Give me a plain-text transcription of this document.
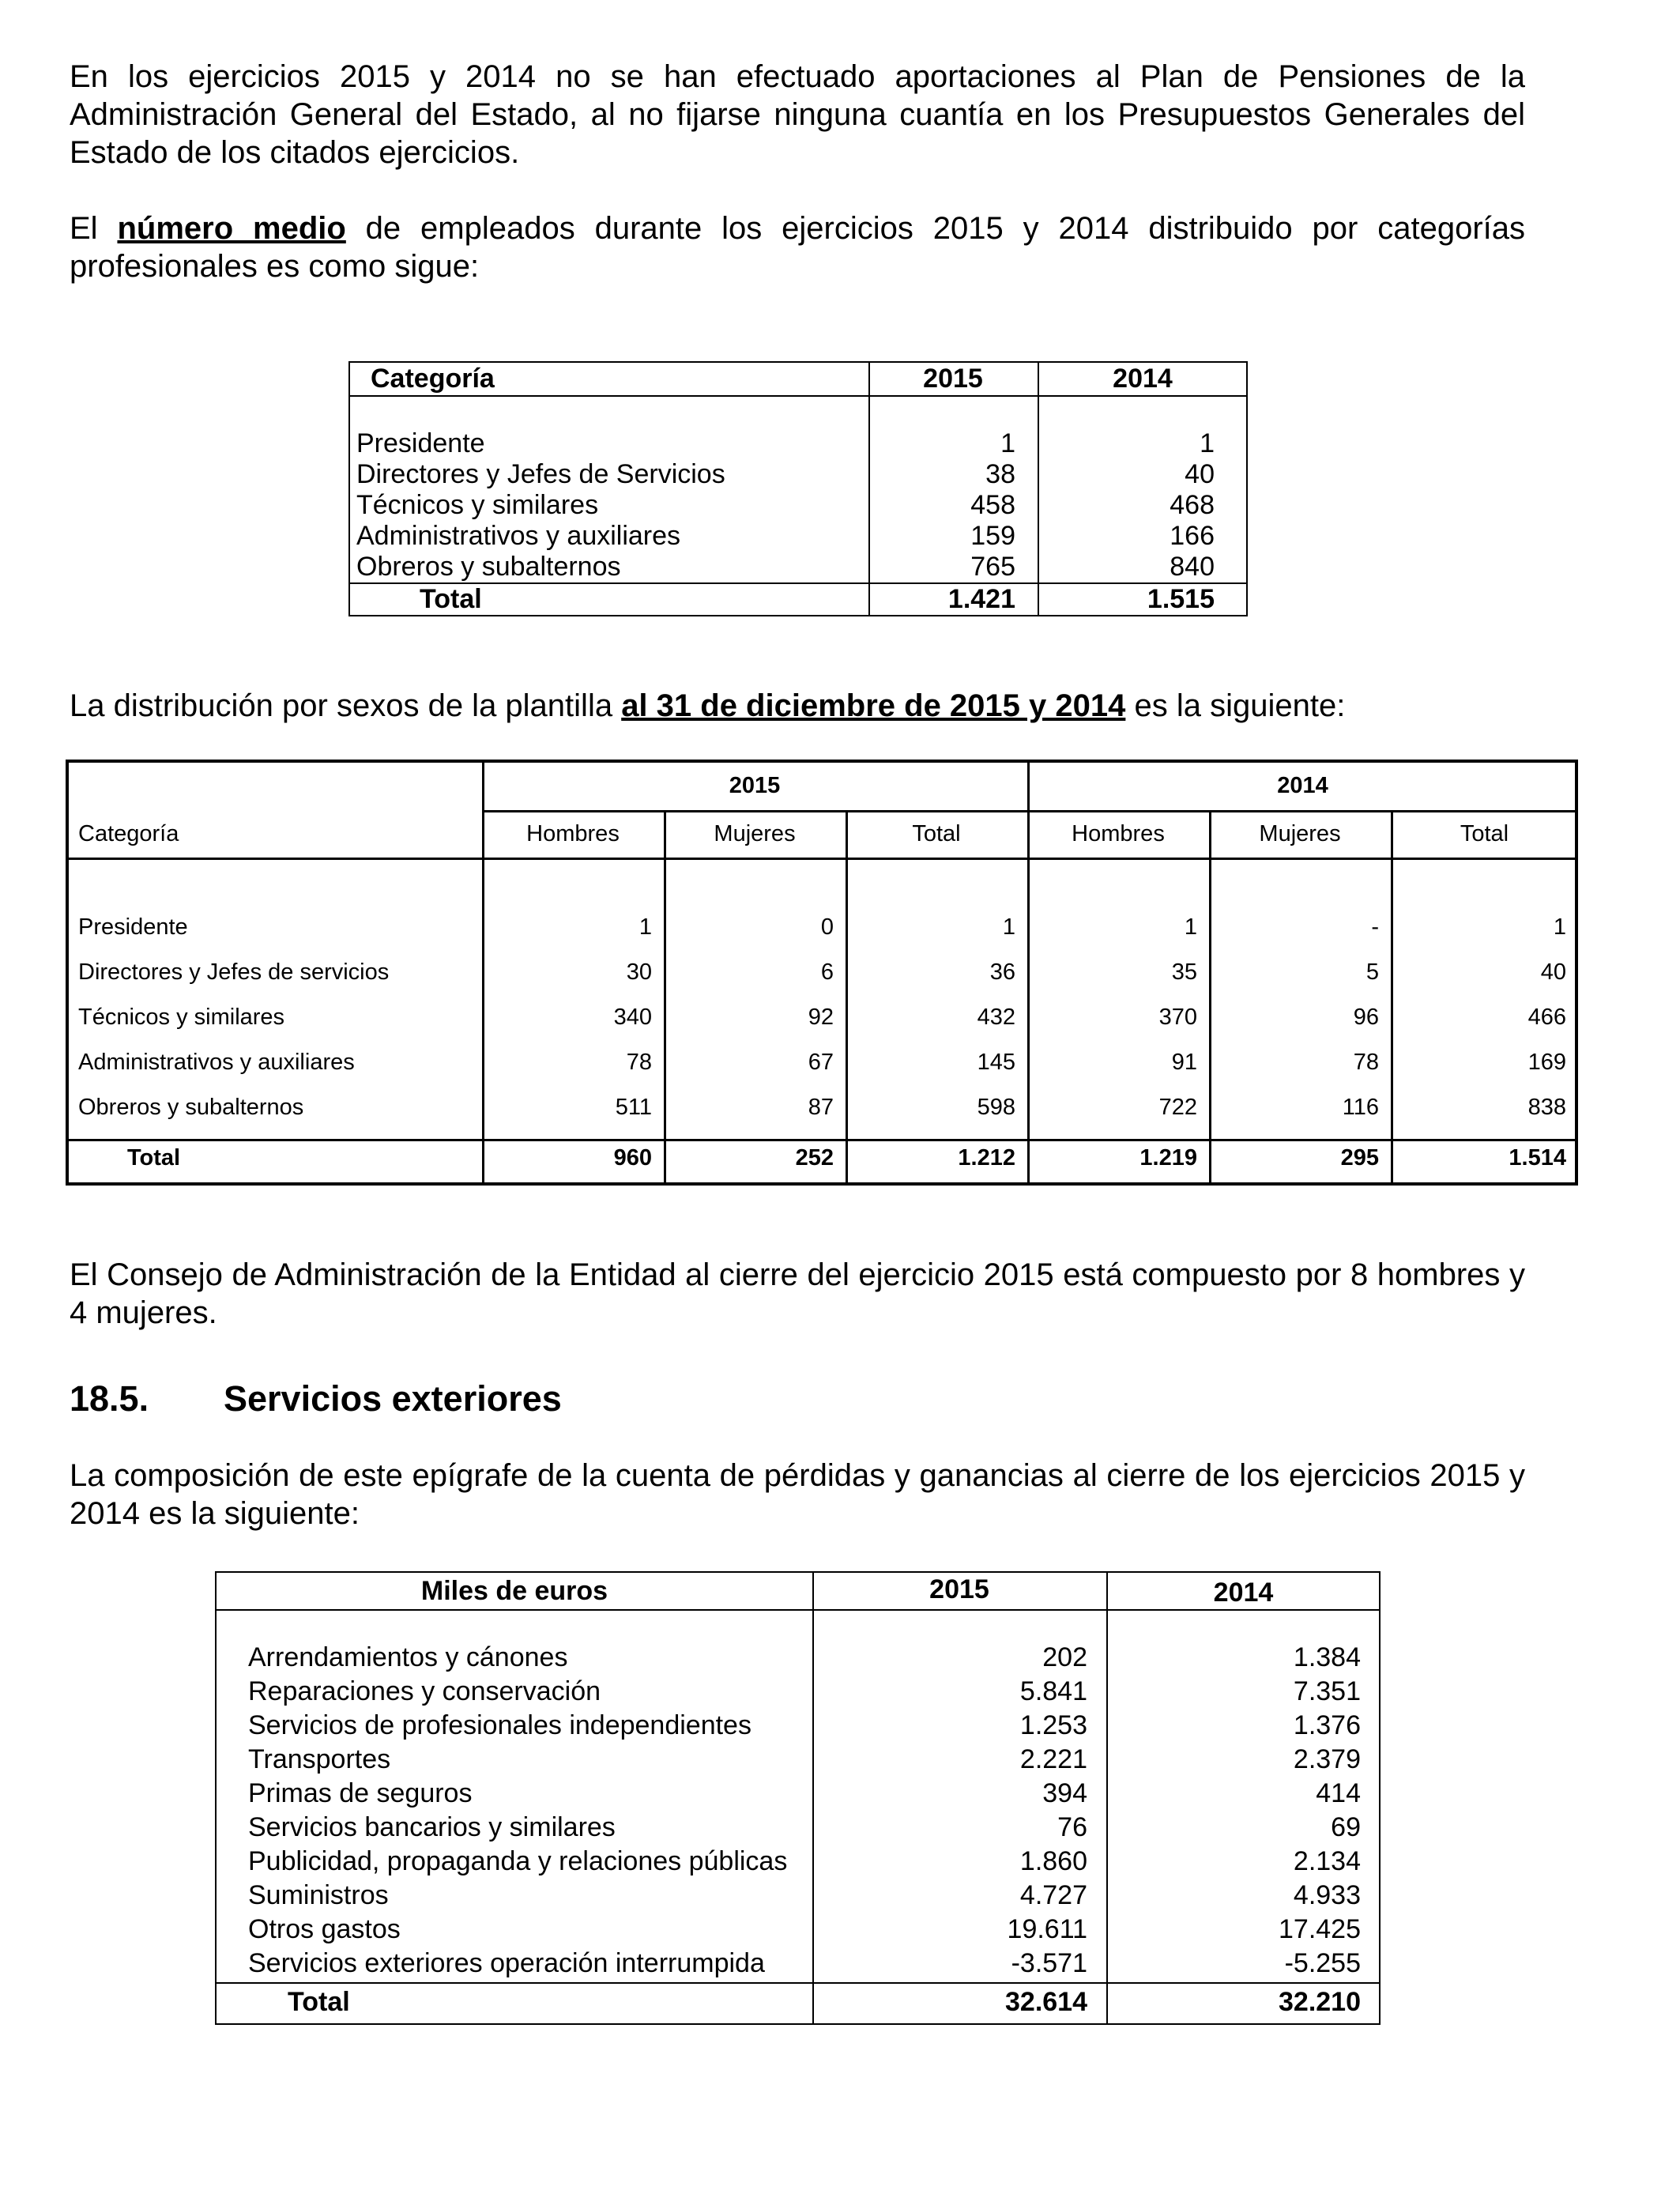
En los ejercicios 2015 y 2014 no se han efectuado aportaciones al Plan de Pensiones de la Administración General del Estado, al no fijarse ninguna cuantía en los Presupuestos Generales del Estado de los citados ejercicios.

El número medio de empleados durante los ejercicios 2015 y 2014 distribuido por categorías profesionales es como sigue:

Categoría	2015	2014
Presidente	1	1
Directores y Jefes de Servicios	38	40
Técnicos y similares	458	468
Administrativos y auxiliares	159	166
Obreros y subalternos	765	840
Total	1.421	1.515

La distribución por sexos de la plantilla al 31 de diciembre de 2015 y 2014 es la siguiente:

2015	2014
Categoría	Hombres	Mujeres	Total	Hombres	Mujeres	Total
Presidente	1	0	1	1	-	1
Directores y Jefes de servicios	30	6	36	35	5	40
Técnicos y similares	340	92	432	370	96	466
Administrativos y auxiliares	78	67	145	91	78	169
Obreros y subalternos	511	87	598	722	116	838
Total	960	252	1.212	1.219	295	1.514

El Consejo de Administración de la Entidad al cierre del ejercicio 2015 está compuesto por 8 hombres y 4 mujeres.

18.5. Servicios exteriores

La composición de este epígrafe de la cuenta de pérdidas y ganancias al cierre de los ejercicios 2015 y 2014 es la siguiente:

Miles de euros	2015	2014
Arrendamientos y cánones	202	1.384
Reparaciones y conservación	5.841	7.351
Servicios de profesionales independientes	1.253	1.376
Transportes	2.221	2.379
Primas de seguros	394	414
Servicios bancarios y similares	76	69
Publicidad, propaganda y relaciones públicas	1.860	2.134
Suministros	4.727	4.933
Otros gastos	19.611	17.425
Servicios exteriores operación interrumpida	-3.571	-5.255
Total	32.614	32.210
